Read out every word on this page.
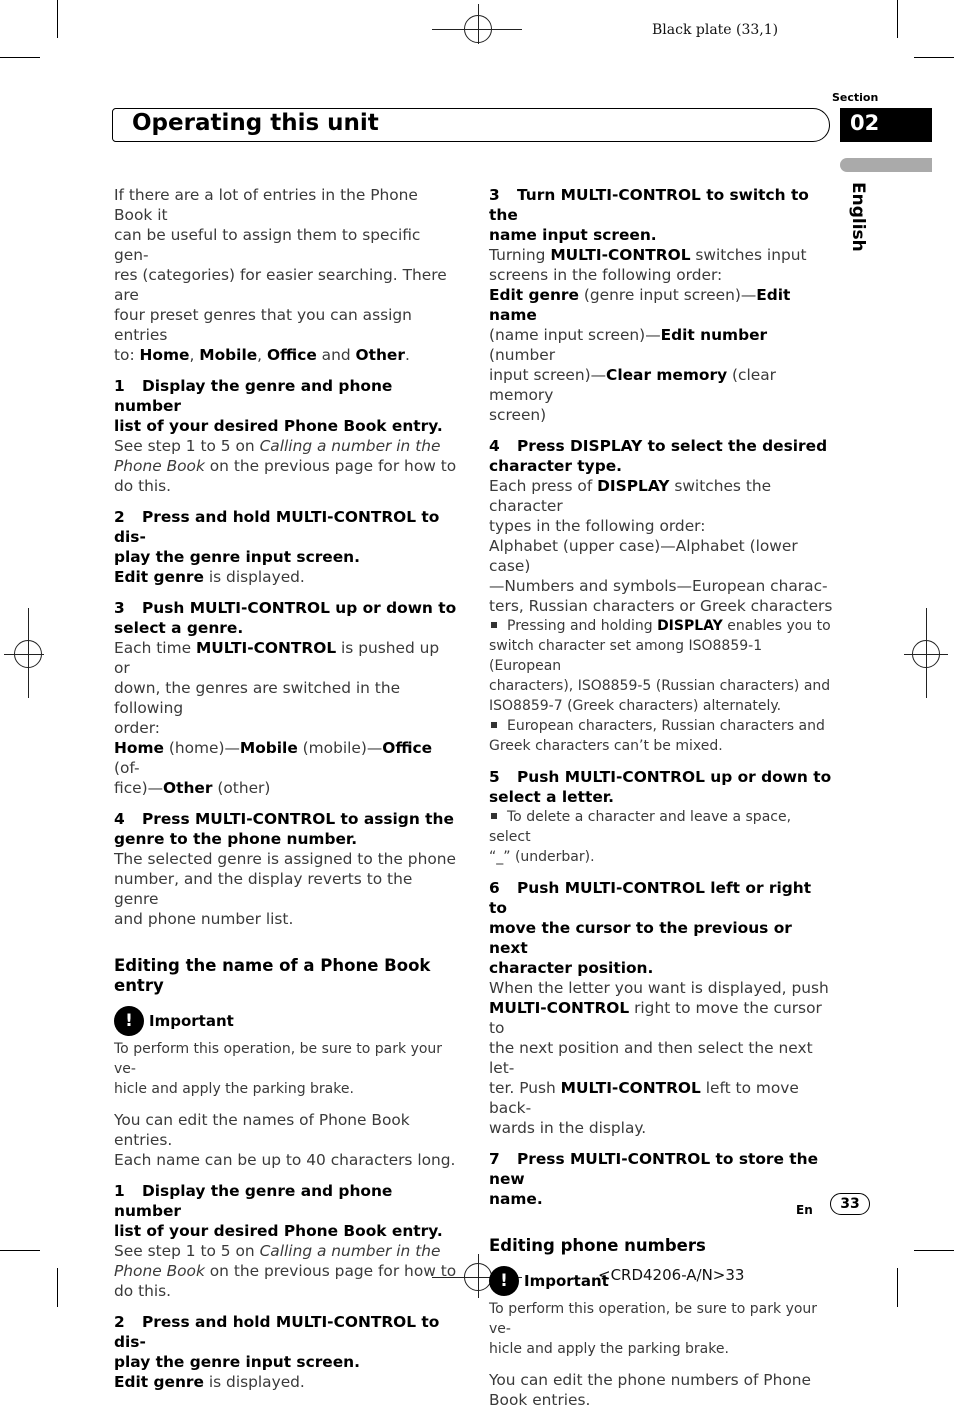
Black plate (33,1)
<CRD4206-A/N>33
Operating this unit
Section
02
English

If there are a lot of entries in the Phone Book it

can be useful to assign them to specific gen-

res (categories) for easier searching. There are

four preset genres that you can assign entries

to: Home, Mobile, Office and Other.

1 Display the genre and phone number

list of your desired Phone Book entry.

See step 1 to 5 on Calling a number in the

Phone Book on the previous page for how to

do this.

2 Press and hold MULTI-CONTROL to dis-

play the genre input screen.

Edit genre is displayed.

3 Push MULTI-CONTROL up or down to

select a genre.

Each time MULTI-CONTROL is pushed up or

down, the genres are switched in the following

order:

Home (home)—Mobile (mobile)—Office (of-

fice)—Other (other)

4 Press MULTI-CONTROL to assign the

genre to the phone number.

The selected genre is assigned to the phone

number, and the display reverts to the genre

and phone number list.

Editing the name of a Phone Book entry

!	Important

To perform this operation, be sure to park your ve-

hicle and apply the parking brake.

You can edit the names of Phone Book entries.

Each name can be up to 40 characters long.

1 Display the genre and phone number

list of your desired Phone Book entry.

See step 1 to 5 on Calling a number in the

Phone Book on the previous page for how to

do this.

2 Press and hold MULTI-CONTROL to dis-

play the genre input screen.

Edit genre is displayed.

3 Turn MULTI-CONTROL to switch to the

name input screen.

Turning MULTI-CONTROL switches input

screens in the following order:

Edit genre (genre input screen)—Edit name

(name input screen)—Edit number (number

input screen)—Clear memory (clear memory

screen)

4 Press DISPLAY to select the desired

character type.

Each press of DISPLAY switches the character

types in the following order:

Alphabet (upper case)—Alphabet (lower case)

—Numbers and symbols—European charac-

ters, Russian characters or Greek characters

Pressing and holding DISPLAY enables you to

switch character set among ISO8859-1 (European

characters), ISO8859-5 (Russian characters) and

ISO8859-7 (Greek characters) alternately.

European characters, Russian characters and

Greek characters can’t be mixed.

5 Push MULTI-CONTROL up or down to

select a letter.

To delete a character and leave a space, select

“_” (underbar).

6 Push MULTI-CONTROL left or right to

move the cursor to the previous or next

character position.

When the letter you want is displayed, push

MULTI-CONTROL right to move the cursor to

the next position and then select the next let-

ter. Push MULTI-CONTROL left to move back-

wards in the display.

7 Press MULTI-CONTROL to store the new

name.

Editing phone numbers

!	Important

To perform this operation, be sure to park your ve-

hicle and apply the parking brake.

You can edit the phone numbers of Phone

Book entries.

En	33
